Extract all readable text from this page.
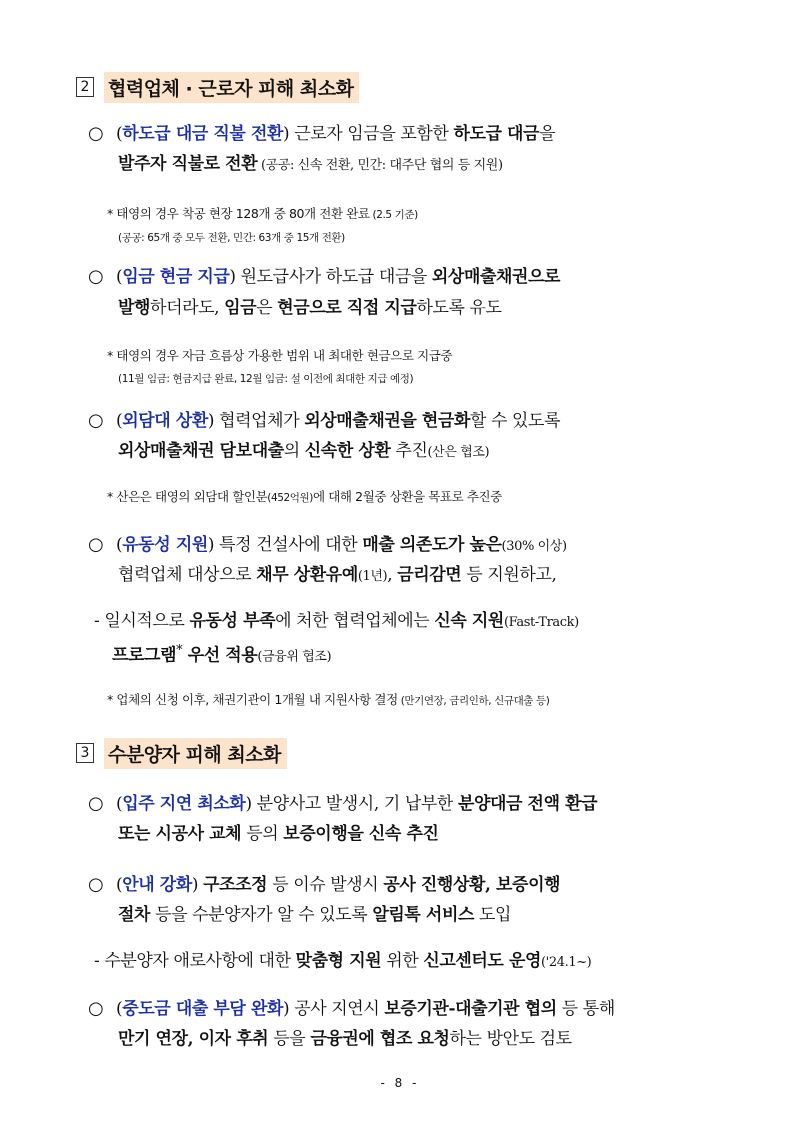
2 협력업체 · 근로자 피해 최소화
○ (하도급 대금 직불 전환) 근로자 임금을 포함한 하도급 대금을
발주자 직불로 전환 (공공: 신속 전환, 민간: 대주단 협의 등 지원)
* 태영의 경우 착공 현장 128개 중 80개 전환 완료 (2.5 기준)
(공공: 65개 중 모두 전환, 민간: 63개 중 15개 전환)
○ (임금 현금 지급) 원도급사가 하도급 대금을 외상매출채권으로
발행하더라도, 임금은 현금으로 직접 지급하도록 유도
* 태영의 경우 자금 흐름상 가용한 범위 내 최대한 현금으로 지급중
(11월 임금: 현금지급 완료, 12월 임금: 설 이전에 최대한 지급 예정)
○ (외담대 상환) 협력업체가 외상매출채권을 현금화할 수 있도록
외상매출채권 담보대출의 신속한 상환 추진(산은 협조)
* 산은은 태영의 외담대 할인분(452억원)에 대해 2월중 상환을 목표로 추진중
○ (유동성 지원) 특정 건설사에 대한 매출 의존도가 높은(30% 이상)
협력업체 대상으로 채무 상환유예(1년), 금리감면 등 지원하고,
- 일시적으로 유동성 부족에 처한 협력업체에는 신속 지원(Fast-Track)
프로그램* 우선 적용(금융위 협조)
* 업체의 신청 이후, 채권기관이 1개월 내 지원사항 결정 (만기연장, 금리인하, 신규대출 등)
3 수분양자 피해 최소화
○ (입주 지연 최소화) 분양사고 발생시, 기 납부한 분양대금 전액 환급
또는 시공사 교체 등의 보증이행을 신속 추진
○ (안내 강화) 구조조정 등 이슈 발생시 공사 진행상황, 보증이행
절차 등을 수분양자가 알 수 있도록 알림톡 서비스 도입
- 수분양자 애로사항에 대한 맞춤형 지원 위한 신고센터도 운영('24.1~)
○ (중도금 대출 부담 완화) 공사 지연시 보증기관-대출기관 협의 등 통해
만기 연장, 이자 후취 등을 금융권에 협조 요청하는 방안도 검토
- 8 -
